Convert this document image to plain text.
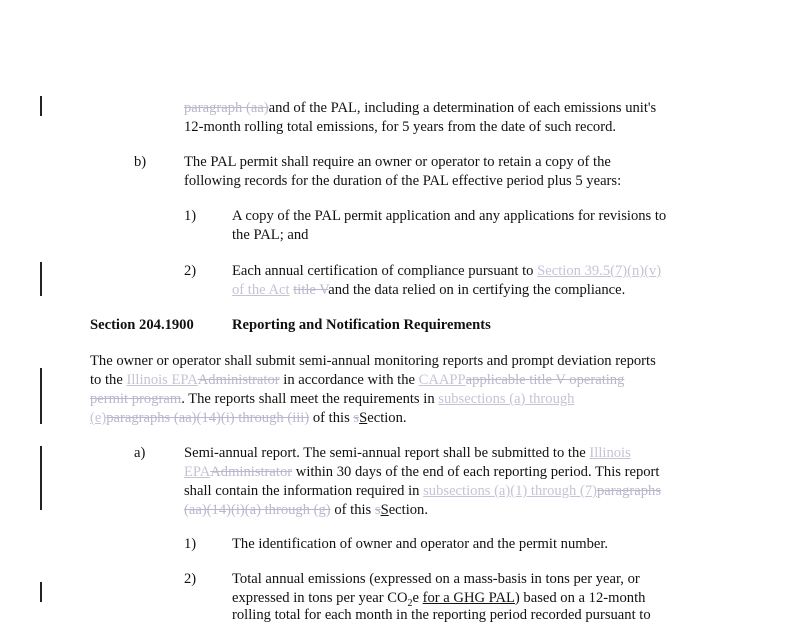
paragraph (aa)and of the PAL, including a determination of each emissions unit's
12-month rolling total emissions, for 5 years from the date of such record.
b)	The PAL permit shall require an owner or operator to retain a copy of the
following records for the duration of the PAL effective period plus 5 years:
1) A copy of the PAL permit application and any applications for revisions to
the PAL; and
2) Each annual certification of compliance pursuant to Section 39.5(7)(n)(v)
of the Act title Vand the data relied on in certifying the compliance.
Section 204.1900	Reporting and Notification Requirements
The owner or operator shall submit semi-annual monitoring reports and prompt deviation reports
to the Illinois EPAAdministrator in accordance with the CAAPPapplicable title V operating
permit program. The reports shall meet the requirements in subsections (a) through
(e)paragraphs (aa)(14)(i) through (iii) of this sSection.
a)	Semi-annual report. The semi-annual report shall be submitted to the Illinois
EPAAdministrator within 30 days of the end of each reporting period. This report
shall contain the information required in subsections (a)(1) through (7)paragraphs
(aa)(14)(i)(a) through (g) of this sSection.
1) The identification of owner and operator and the permit number.
2) Total annual emissions (expressed on a mass-basis in tons per year, or
expressed in tons per year $CO_2e$ for a GHG PAL) based on a 12-month
rolling total for each month in the reporting period recorded pursuant to
